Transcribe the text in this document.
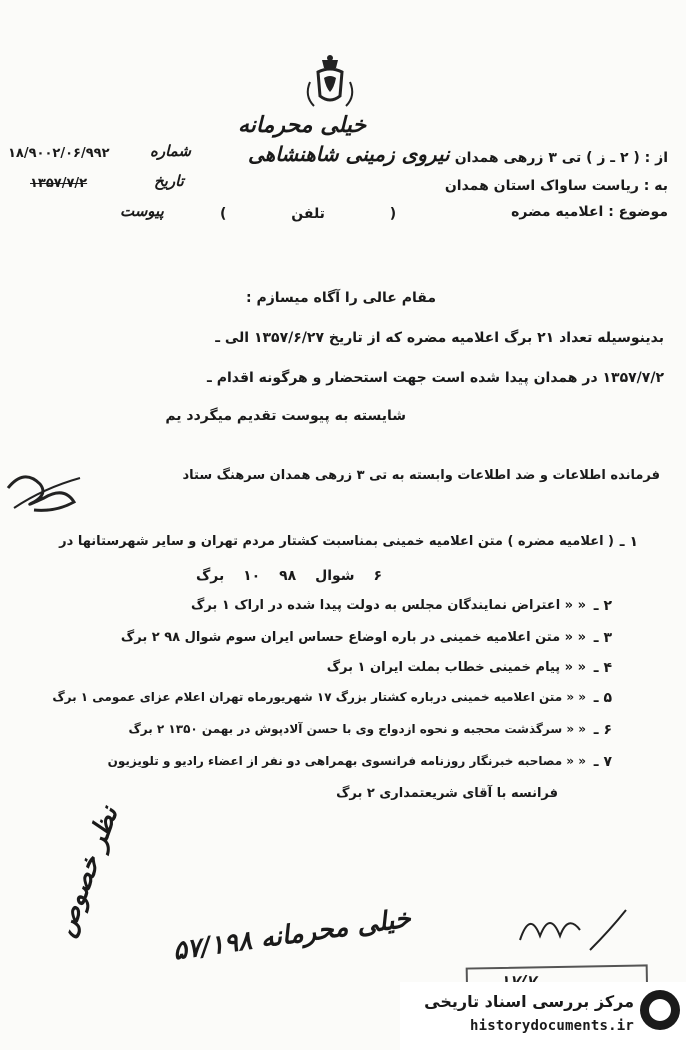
خیلی محرمانه
نیروی زمینی شاهنشاهی
( تلفن )
شماره
۱۸/۹۰۰۲/۰۶/۹۹۲
تاریخ
۱۳۵۷/۷/۲
پیوست
از : ( ۲ ـ ز ) تی ۳ زرهی همدان
به : ریاست ساواک استان همدان
موضوع : اعلامیه مضره
مقام عالی را آگاه میسازم :
بدینوسیله تعداد ۲۱ برگ اعلامیه مضره که از تاریخ ۱۳۵۷/۶/۲۷ الی ـ
۱۳۵۷/۷/۲ در همدان پیدا شده است جهت استحضار و هرگونه اقدام ـ
شایسته به پیوست تقدیم میگردد یم
فرمانده اطلاعات و ضد اطلاعات وابسته به تی ۳ زرهی همدان سرهنگ ستاد
۱ ـ
( اعلامیه مضره ) متن اعلامیه خمینی بمناسبت کشتار مردم تهران و سایر شهرستانها در
۶ شوال ۹۸ ۱۰ برگ
۲ ـ
« « اعتراض نمایندگان مجلس به دولت پیدا شده در اراک ۱ برگ
۳ ـ
« « متن اعلامیه خمینی در باره اوضاع حساس ایران سوم شوال ۹۸ ۲ برگ
۴ ـ
« « پیام خمینی خطاب بملت ایران ۱ برگ
۵ ـ
« « متن اعلامیه خمینی درباره کشتار بزرگ ۱۷ شهریورماه تهران اعلام عزای عمومی ۱ برگ
۶ ـ
« « سرگذشت محجبه و نحوه ازدواج وی با حسن آلادپوش در بهمن ۱۳۵۰ ۲ برگ
۷ ـ
« « مصاحبه خبرنگار روزنامه فرانسوی بهمراهی دو نفر از اعضاء رادیو و تلویزیون
فرانسه با آقای شریعتمداری ۲ برگ
نظر خصوص
خیلی محرمانه ۵۷/۱۹۸
مرکز بررسی اسناد تاریخی
historydocuments.ir
